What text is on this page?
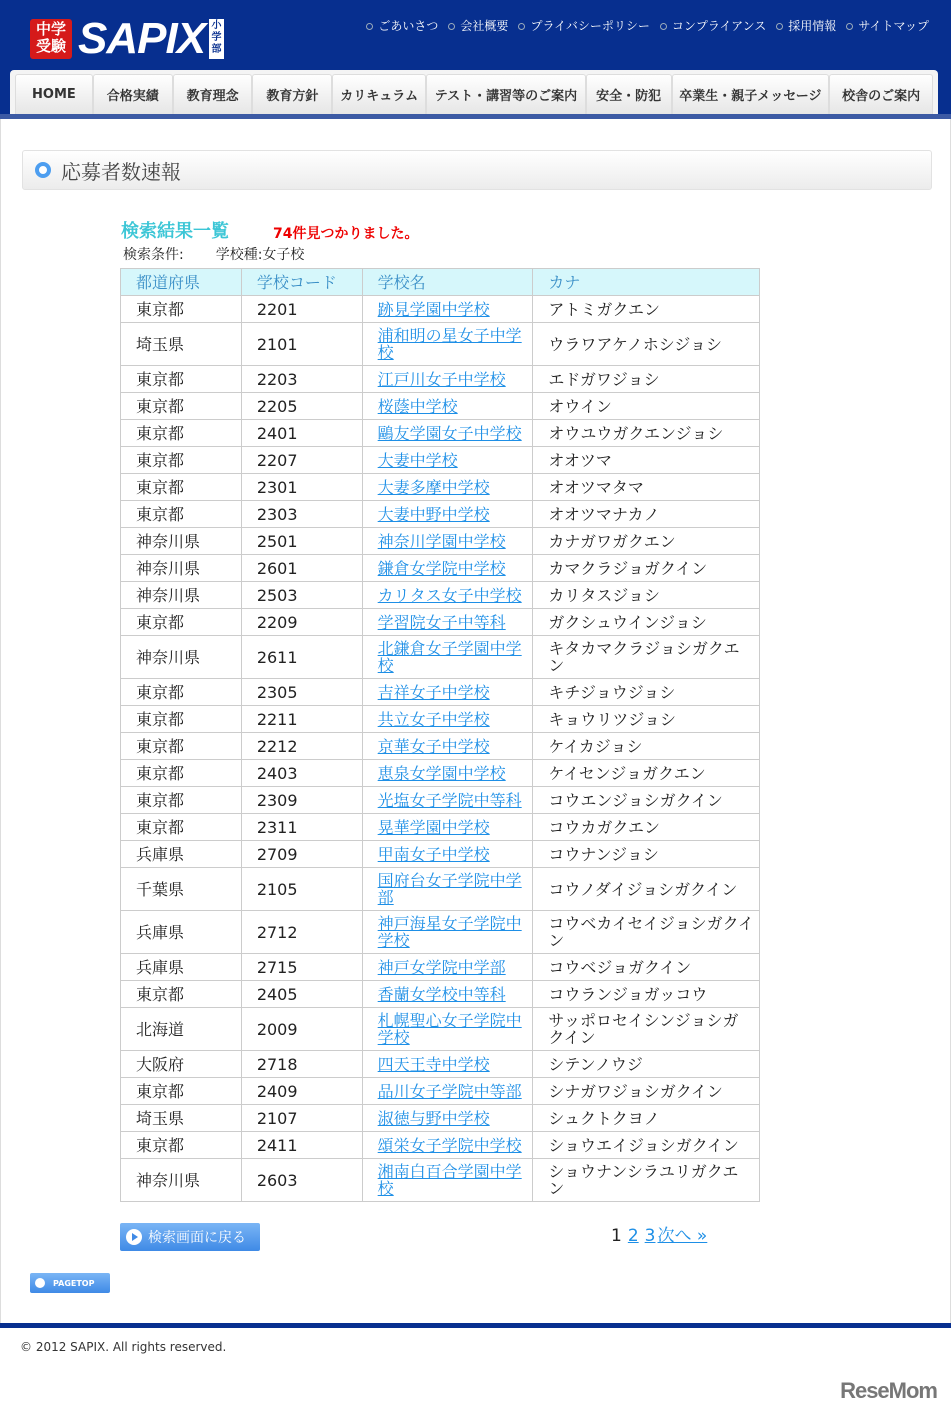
中学受験 SAPIX 小学部
ごあいさつ	会社概要	プライバシーポリシー	コンプライアンス	採用情報	サイトマップ
HOME	合格実績	教育理念	教育方針	カリキュラム	テスト・講習等のご案内	安全・防犯	卒業生・親子メッセージ	校舎のご案内
応募者数速報
検索結果一覧	74件見つかりました。
検索条件: 学校種:女子校
都道府県	学校コード	学校名	カナ
東京都	2201	跡見学園中学校	アトミガクエン
埼玉県	2101	浦和明の星女子中学校	ウラワアケノホシジョシ
東京都	2203	江戸川女子中学校	エドガワジョシ
東京都	2205	桜蔭中学校	オウイン
東京都	2401	鷗友学園女子中学校	オウユウガクエンジョシ
東京都	2207	大妻中学校	オオツマ
東京都	2301	大妻多摩中学校	オオツマタマ
東京都	2303	大妻中野中学校	オオツマナカノ
神奈川県	2501	神奈川学園中学校	カナガワガクエン
神奈川県	2601	鎌倉女学院中学校	カマクラジョガクイン
神奈川県	2503	カリタス女子中学校	カリタスジョシ
東京都	2209	学習院女子中等科	ガクシュウインジョシ
神奈川県	2611	北鎌倉女子学園中学校	キタカマクラジョシガクエン
東京都	2305	吉祥女子中学校	キチジョウジョシ
東京都	2211	共立女子中学校	キョウリツジョシ
東京都	2212	京華女子中学校	ケイカジョシ
東京都	2403	恵泉女学園中学校	ケイセンジョガクエン
東京都	2309	光塩女子学院中等科	コウエンジョシガクイン
東京都	2311	晃華学園中学校	コウカガクエン
兵庫県	2709	甲南女子中学校	コウナンジョシ
千葉県	2105	国府台女子学院中学部	コウノダイジョシガクイン
兵庫県	2712	神戸海星女子学院中学校	コウベカイセイジョシガクイン
兵庫県	2715	神戸女学院中学部	コウベジョガクイン
東京都	2405	香蘭女学校中等科	コウランジョガッコウ
北海道	2009	札幌聖心女子学院中学校	サッポロセイシンジョシガクイン
大阪府	2718	四天王寺中学校	シテンノウジ
東京都	2409	品川女子学院中等部	シナガワジョシガクイン
埼玉県	2107	淑徳与野中学校	シュクトクヨノ
東京都	2411	頌栄女子学院中学校	ショウエイジョシガクイン
神奈川県	2603	湘南白百合学園中学校	ショウナンシラユリガクエン
検索画面に戻る	1 2 3 次へ »
PAGETOP
© 2012 SAPIX. All rights reserved.
ReseMom
